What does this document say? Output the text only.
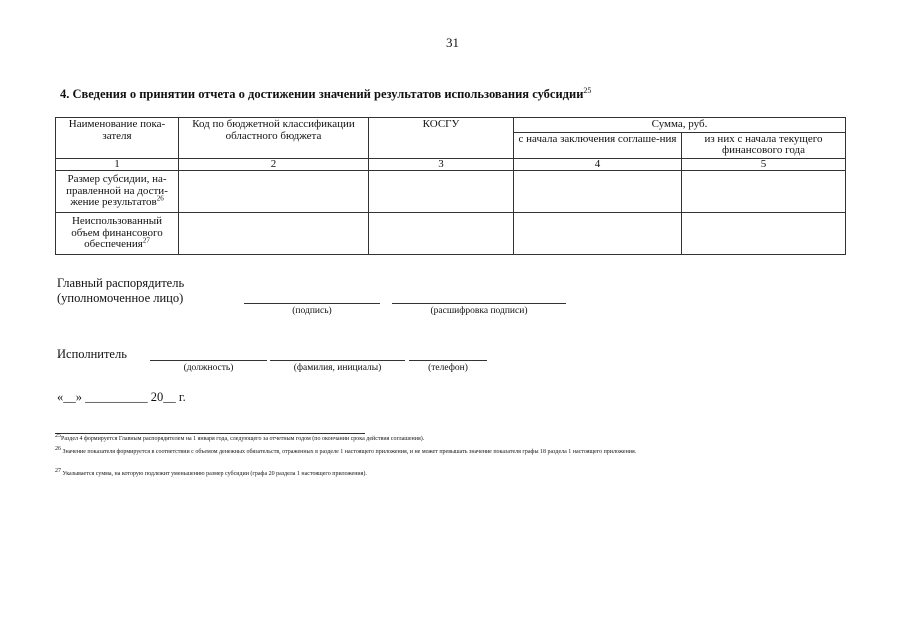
31
4. Сведения о принятии отчета о достижении значений результатов использования субсидии$^{25}$
Наименование пока-зателя	Код по бюджетной классификации областного бюджета	КОСГУ	Сумма, руб.	
			с начала заключения соглаше-ния	из них с начала текущего финансового года
1	2	3	4	5
Размер субсидии, на-правленной на дости-жение результатов$^{26}$				
Неиспользованный объем финансового обеспечения$^{27}$				
Главный распорядитель
(уполномоченное лицо)
(подпись)	(расшифровка подписи)
Исполнитель
(должность)	(фамилия, инициалы)	(телефон)
«__» __________ 20__ г.
$^{25}$Раздел 4 формируется Главным распорядителем на 1 января года, следующего за отчетным годом (по окончании срока действия соглашения).
$^{26}$ Значение показателя формируется в соответствии с объемом денежных обязательств, отраженных в разделе 1 настоящего приложения, и не может превышать значение показателя графы 18 раздела 1 настоящего приложения.
$^{27}$ Указывается сумма, на которую подлежит уменьшению размер субсидии (графа 20 раздела 1 настоящего приложения).
